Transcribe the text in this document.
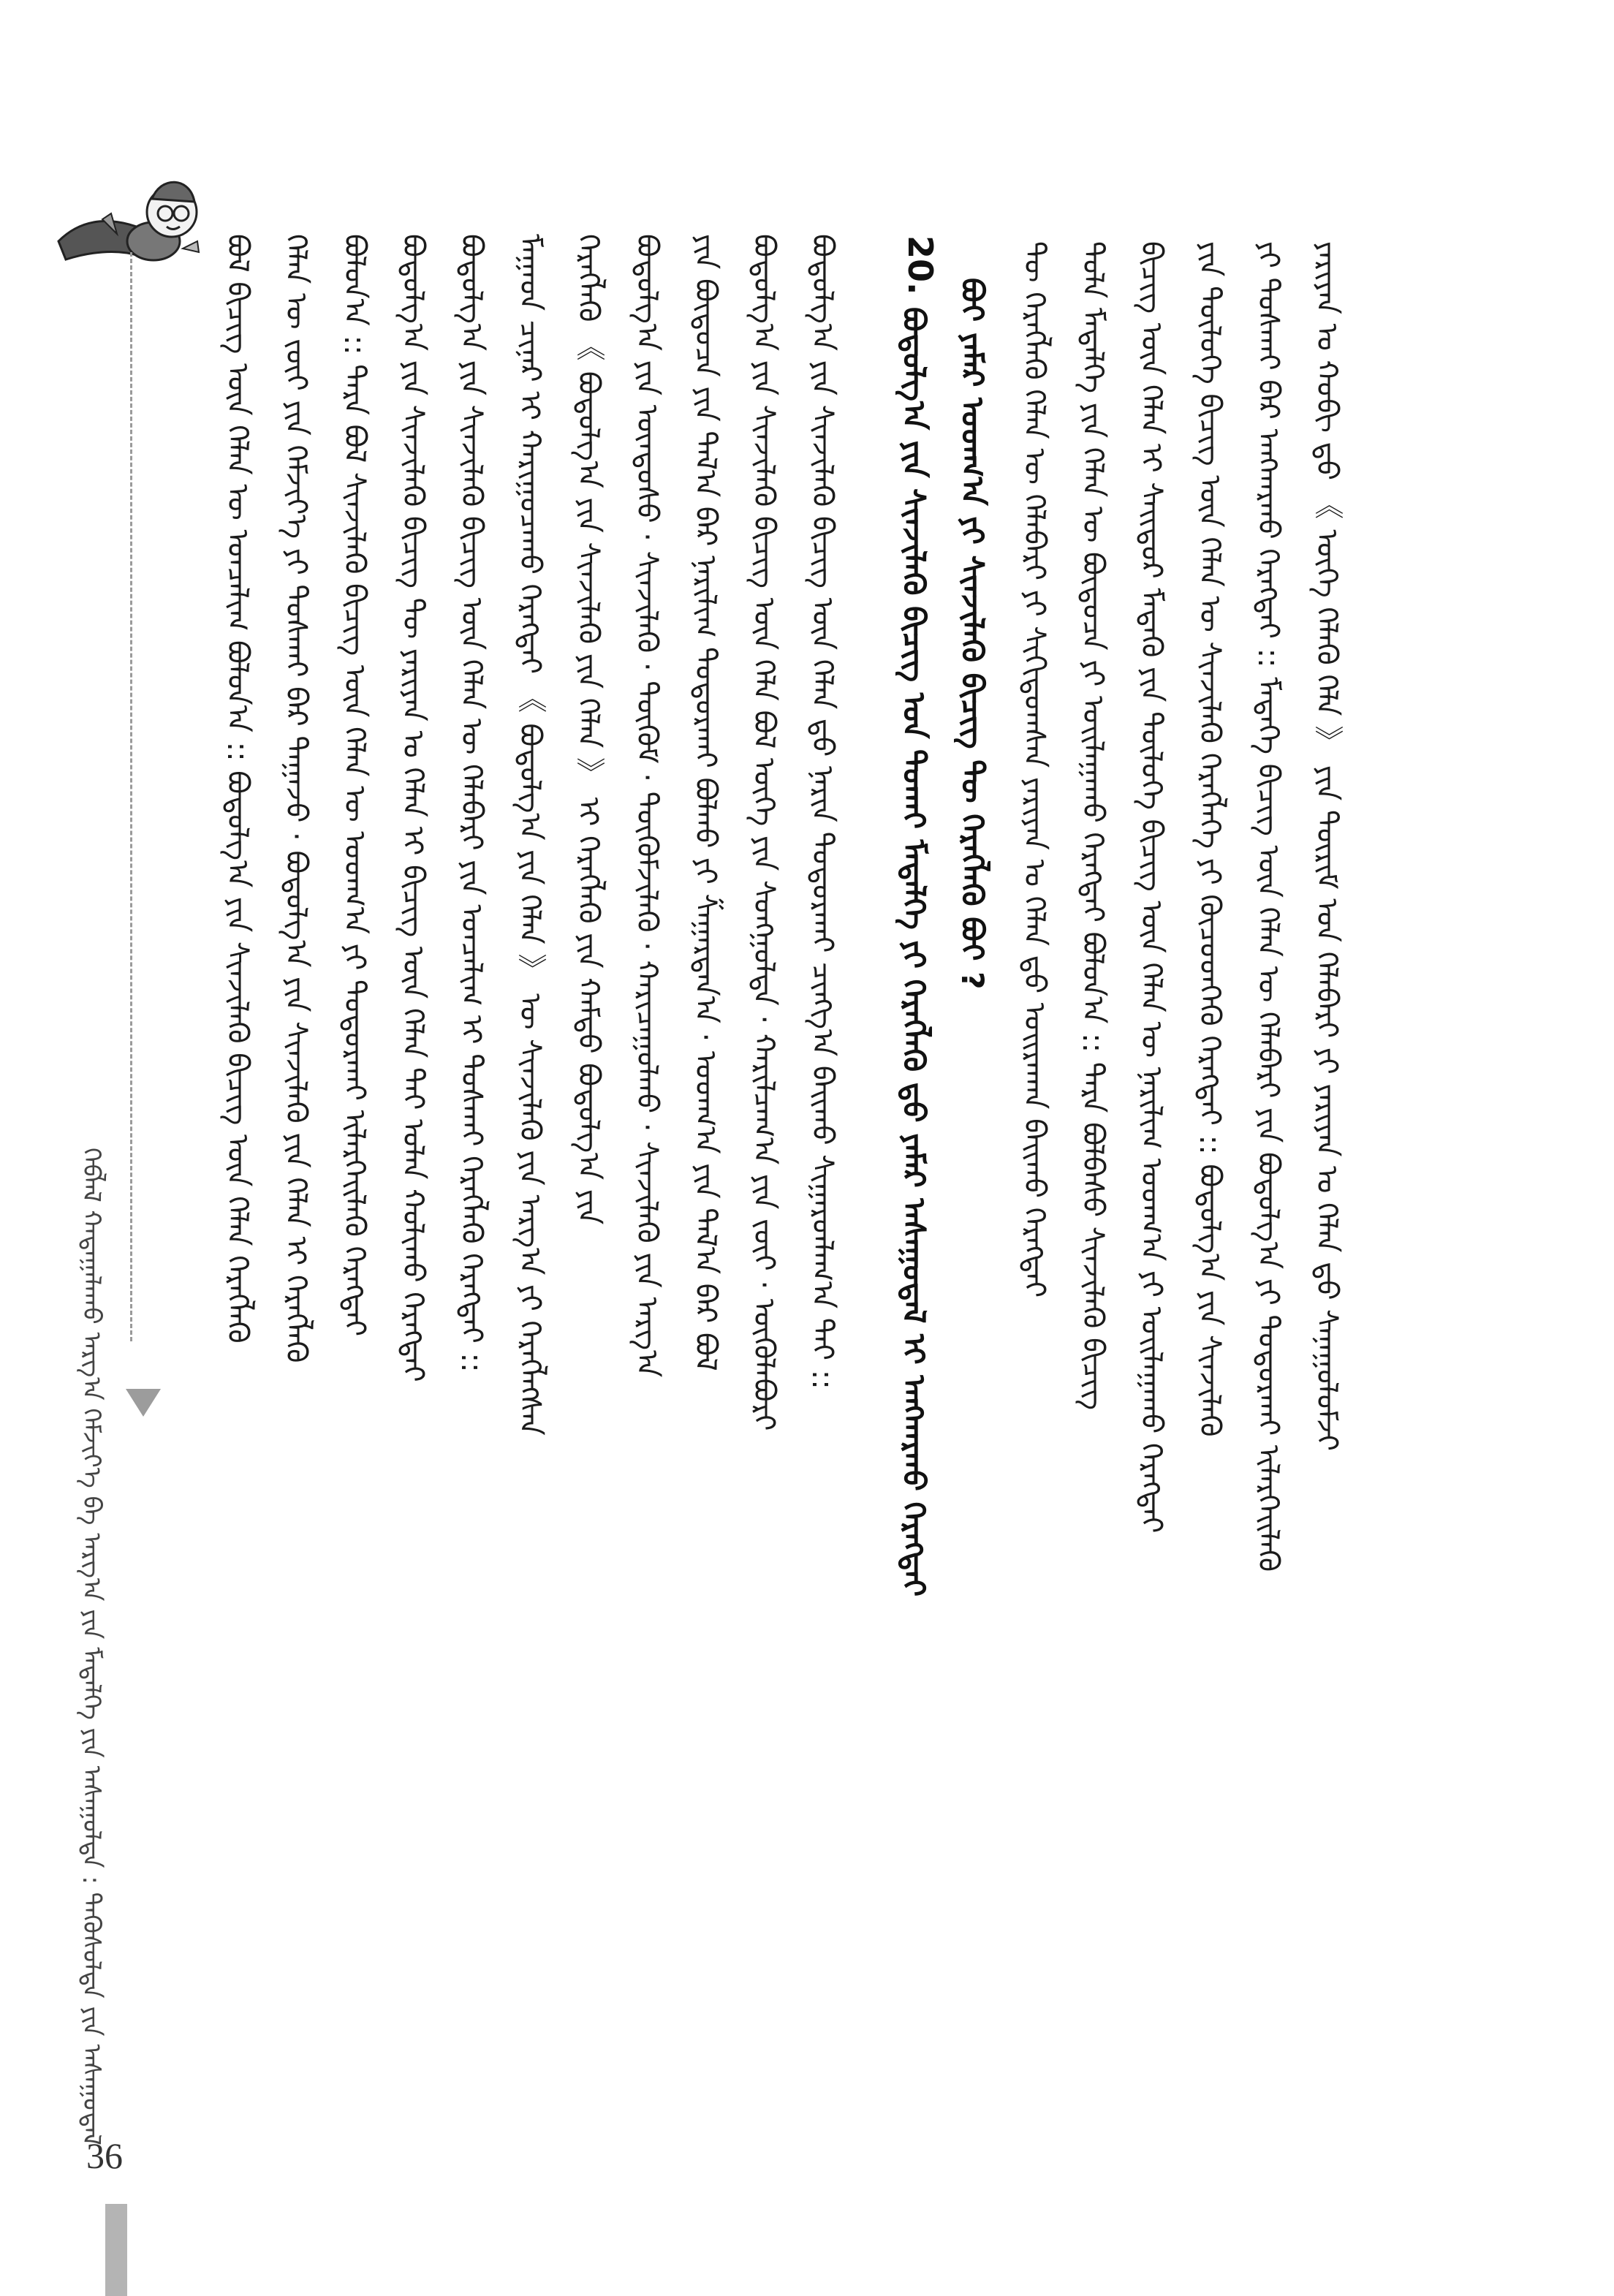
ᠬᠡᠪᠯᠡᠯ ᠬᠠᠳᠠᠭᠠᠯᠠᠬᠤ ᠠᠷᠭ᠎ᠠ ᠬᠡᠮᠵᠢᠶ᠎ᠡ ᠪᠠ ᠠᠷᠭ᠎ᠠ ᠶᠢᠨ ᠮᠡᠳᠡᠯᠭᠡ ᠶᠢᠨ ᠠᠰᠠᠭᠤᠯᠲᠠ : ᠲᠡᠭᠦᠰᠦᠯᠲᠡ ᠶᠢᠨ ᠠᠰᠠᠭᠤᠳᠠᠯ
ᠪᠤᠯ ᠪᠢᠴᠢᠭ ᠦᠨ ᠬᠡᠯᠡᠨ ᠦ ᠣᠨᠴᠠᠯᠢᠭ ᠪᠤᠯᠤᠨ᠎ᠠ :: ᠪᠤᠳᠤᠯᠭ᠎ᠠ ᠶᠢᠨ ᠰᠢᠨᠵᠢᠯᠡᠬᠦ ᠪᠢᠴᠢᠭ ᠦᠨ ᠬᠡᠯᠡᠨ ᠬᠡᠷᠡᠭᠯᠡᠬᠦ ᠬᠡᠯᠡᠨ ᠦ ᠵᠦᠢ ᠶᠢᠨ ᠬᠡᠮᠵᠢᠶ᠎ᠡ ᠶᠢ ᠲᠤᠰᠬᠠᠢ ᠪᠡᠷ ᠳᠠᠭᠠᠵᠤ · ᠪᠤᠳᠤᠯᠭ᠎ᠠ ᠶᠢᠨ ᠰᠢᠨᠵᠢᠯᠡᠬᠦ ᠶᠢᠨ ᠬᠡᠯᠡᠨ ᠢ ᠬᠡᠷᠡᠭᠯᠡᠬᠦ ᠪᠤᠯᠤᠨ᠎ᠠ :: ᠲᠡᠷᠡ ᠪᠤᠯ ᠰᠢᠨᠵᠢᠯᠡᠬᠦ ᠪᠢᠴᠢᠭ ᠦᠨ ᠬᠡᠯᠡᠨ ᠦ ᠤᠳᠬ᠎ᠠ ᠶᠢ ᠲᠤᠳᠤᠷᠬᠠᠢ ᠢᠯᠡᠷᠬᠡᠢᠯᠡᠬᠦ ᠬᠡᠷᠡᠭᠲᠡᠢ ᠪᠤᠳᠤᠯᠭ᠎ᠠ ᠶᠢᠨ ᠰᠢᠨᠵᠢᠯᠡᠬᠦ ᠪᠢᠴᠢᠭ ᠲᠦ ᠶᠠᠷᠢᠶᠠᠨ ᠤ ᠬᠡᠯᠡᠨ ᠢ ᠪᠢᠴᠢᠭ ᠦᠨ ᠬᠡᠯᠡᠨ ᠲᠡᠢ ᠣᠯᠠᠨ ᠬᠤᠯᠢᠬᠤ ᠬᠡᠷᠡᠭᠲᠡᠢ ᠪᠤᠳᠤᠯᠭ᠎ᠠ ᠶᠢᠨ ᠰᠢᠨᠵᠢᠯᠡᠬᠦ ᠪᠢᠴᠢᠭ ᠦᠨ ᠬᠡᠯᠡᠨ ᠦ ᠬᠡᠯᠡᠪᠡᠷᠢ ᠶᠢᠨ ᠣᠨᠴᠠᠯᠢᠭ ᠢ ᠲᠤᠰᠬᠠᠢ ᠬᠡᠷᠡᠭᠯᠡᠬᠦ ᠬᠡᠷᠡᠭᠲᠡᠢ :: ᠮᠠᠭᠠᠳ ᠴᠢᠨᠠᠷ ᠢ ᠬᠠᠷᠢᠭᠤᠴᠠᠬᠤ ᠬᠡᠷᠡᠭᠲᠡᠢ 《 ᠪᠤᠳᠤᠯᠭ᠎ᠠ ᠶᠢᠨ ᠬᠡᠯᠡᠨ 》 ᠦ ᠰᠢᠨᠵᠢᠯᠡᠬᠦ ᠶᠢᠨ ᠠᠷᠭ᠎ᠠ ᠶᠢ ᠬᠡᠷᠡᠭᠯᠡᠭᠰᠡᠨ ᠬᠡᠷᠡᠭᠯᠡᠬᠦ 《 ᠪᠤᠳᠤᠯᠭ᠎ᠠ ᠶᠢᠨ ᠰᠢᠨᠵᠢᠯᠡᠬᠦ ᠶᠢᠨ ᠬᠡᠯᠡᠨ 》 ᠢ ᠬᠡᠷᠡᠭᠯᠡᠬᠦ ᠶᠢᠨ ᠬᠠᠮᠲᠤ ᠪᠤᠳᠤᠯᠭ᠎ᠠ ᠶᠢᠨ ᠪᠤᠳᠤᠯᠭ᠎ᠠ ᠶᠢᠨ ᠦᠨᠳᠦᠰᠦ · ᠰᠢᠨᠵᠢᠯᠡᠬᠦ · ᠳᠦᠭᠦᠮ · ᠳᠦᠭᠦᠮᠵᠢᠯᠡᠬᠦ · ᠬᠠᠷᠢᠴᠠᠭᠤᠯᠬᠤ · ᠰᠢᠨᠵᠢᠯᠡᠬᠦ ᠶᠢᠨ ᠠᠷᠭ᠎ᠠ ᠶᠢᠨ ᠪᠦᠲᠦᠴᠡ ᠶᠢᠨ ᠲᠠᠯ᠎ᠠ ᠪᠡᠷ ᠨᠠᠷᠢᠯᠢᠭ ᠲᠤᠳᠤᠷᠬᠠᠢ ᠪᠤᠯᠬᠤ ᠶᠢ ᠱᠠᠭᠠᠷᠳᠠᠨ᠎ᠠ · ᠤᠳᠬ᠎ᠠ ᠶᠢᠨ ᠲᠠᠯ᠎ᠠ ᠪᠡᠷ ᠪᠤᠯ ᠪᠤᠳᠤᠯᠭ᠎ᠠ ᠶᠢᠨ ᠰᠢᠨᠵᠢᠯᠡᠬᠦ ᠪᠢᠴᠢᠭ ᠦᠨ ᠬᠡᠯᠡ ᠪᠤᠯ ᠦᠭᠡ ᠶᠢᠨ ᠰᠤᠩᠭᠤᠯᠲᠠ · ᠬᠠᠷᠢᠯᠴᠠᠭ᠎ᠠ ᠶᠢᠨ ᠵᠦᠢ · ᠦᠭᠦᠯᠡᠪᠦᠷᠢ ᠪᠤᠳᠤᠯᠭ᠎ᠠ ᠶᠢᠨ ᠰᠢᠨᠵᠢᠯᠡᠬᠦ ᠪᠢᠴᠢᠭ ᠦᠨ ᠬᠡᠯᠡᠨ ᠳ᠋ᠦ ᠨᠠᠷᠢᠨ ᠲᠤᠳᠤᠷᠬᠠᠢ ᠴᠢᠩᠭ᠎ᠠ ᠪᠠᠢᠬᠤ ᠰᠢᠭᠠᠷᠳᠯᠠᠭ᠎ᠠ ᠲᠠᠢ :: 20.
ᠪᠤᠳᠤᠯᠭ᠎ᠠ ᠶᠢᠨ ᠰᠢᠨᠵᠢᠯᠡᠬᠦ ᠪᠢᠴᠢᠭ ᠤᠨ ᠲᠤᠬᠠᠶ ᠮᠡᠳᠡᠯᠭᠡ ᠶᠢ ᠬᠡᠷᠡᠭᠯᠡᠬᠦ ᠳ᠋ᠤ ᠶᠠᠮᠠᠷ ᠠᠰᠠᠭᠤᠳᠠᠯ ᠢ ᠠᠩᠬᠠᠷᠬᠤ ᠬᠡᠷᠡᠭᠲᠡᠢ ᠪᠤᠢ ᠶᠠᠮᠠᠷ ᠤᠳᠬ᠎ᠠ ᠶᠢ ᠰᠢᠨᠵᠢᠯᠡᠬᠦ ᠪᠢᠴᠢᠭ ᠲᠦ ᠬᠡᠷᠡᠭᠯᠡᠬᠦ ᠪᠤᠢ ? ᠲᠦ ᠬᠡᠷᠡᠭᠯᠡᠬᠦ ᠬᠡᠯᠡᠨ ᠦ ᠬᠡᠯᠡᠪᠡᠷᠢ ᠶᠢ ᠰᠢᠬᠢᠳᠤᠭᠰᠠᠨ ᠶᠠᠷᠢᠶᠠᠨ ᠤ ᠬᠡᠯᠡᠨ ᠳ᠋ᠦ ᠣᠢᠷᠠᠬᠠᠨ ᠪᠠᠢᠬᠤ ᠬᠡᠷᠡᠭᠲᠡᠢ ᠲᠤᠯᠠ ᠮᠡᠳᠡᠯᠭᠡ ᠶᠢᠨ ᠬᠡᠯᠡᠨ ᠦ ᠪᠦᠲᠦᠴᠡ ᠶᠢ ᠤᠢᠯᠠᠭᠠᠬᠤ ᠬᠡᠷᠡᠭᠲᠡᠢ ᠪᠤᠯᠤᠨ᠎ᠠ :: ᠲᠡᠷᠡ ᠪᠤᠯᠪᠠᠰᠤ ᠰᠢᠨᠵᠢᠯᠡᠬᠦ ᠪᠢᠴᠢᠭ ᠪᠢᠴᠢᠭ ᠦᠨ ᠬᠡᠯᠡᠨ ᠢ ᠰᠠᠢᠲᠤᠷ ᠮᠡᠳᠡᠬᠦ ᠶᠢᠨ ᠲᠥᠯᠥᠭᠡ ᠪᠢᠴᠢᠭ ᠦᠨ ᠬᠡᠯᠡᠨ ᠦ ᠨᠠᠷᠢᠯᠢᠭ ᠤᠳᠬ᠎ᠠ ᠶᠢ ᠤᠢᠯᠠᠭᠠᠬᠤ ᠬᠡᠷᠡᠭᠲᠡᠢ ᠶᠢᠨ ᠲᠥᠯᠥᠭᠡ ᠪᠢᠴᠢᠭ ᠦᠨ ᠬᠡᠯᠡᠨ ᠦ ᠰᠢᠨᠵᠢᠯᠡᠬᠦ ᠬᠡᠷᠡᠭᠯᠡᠭᠡ ᠶᠢ ᠬᠦᠴᠦᠳᠬᠡᠬᠦ ᠬᠡᠷᠡᠭᠲᠡᠢ :: ᠪᠤᠳᠤᠯᠭ᠎ᠠ ᠶᠢᠨ ᠰᠢᠨᠵᠢᠯᠡᠬᠦ ᠶᠢ ᠲᠤᠰᠬᠠᠢ ᠪᠡᠷ ᠠᠩᠬᠠᠷᠬᠤ ᠬᠡᠷᠡᠭᠲᠡᠢ :: ᠮᠡᠳᠡᠭᠡ ᠪᠢᠴᠢᠭ ᠦᠨ ᠬᠡᠯᠡᠨ ᠦ ᠬᠡᠯᠡᠪᠡᠷᠢ ᠶᠢᠨ ᠪᠤᠳᠤᠯᠭ᠎ᠠ ᠶᠢ ᠲᠤᠳᠤᠷᠬᠠᠢ ᠢᠯᠡᠷᠬᠡᠢᠯᠡᠬᠦ ᠶᠠᠷᠢᠶᠠᠨ ᠤ ᠬᠤᠪᠢ ᠳ᠋ᠤ 《 ᠦᠭᠡ ᠬᠡᠯᠡᠬᠦ ᠬᠡᠯᠡ 》 ᠶᠢᠨ ᠳᠦᠷᠢᠮ ᠤᠨ ᠬᠡᠯᠡᠪᠡᠷᠢ ᠶᠢ ᠶᠠᠷᠢᠶᠠᠨ ᠤ ᠬᠡᠯᠡᠨ ᠳ᠋ᠦ ᠰᠠᠨᠠᠭᠤᠯᠤᠮᠵᠢ
36
